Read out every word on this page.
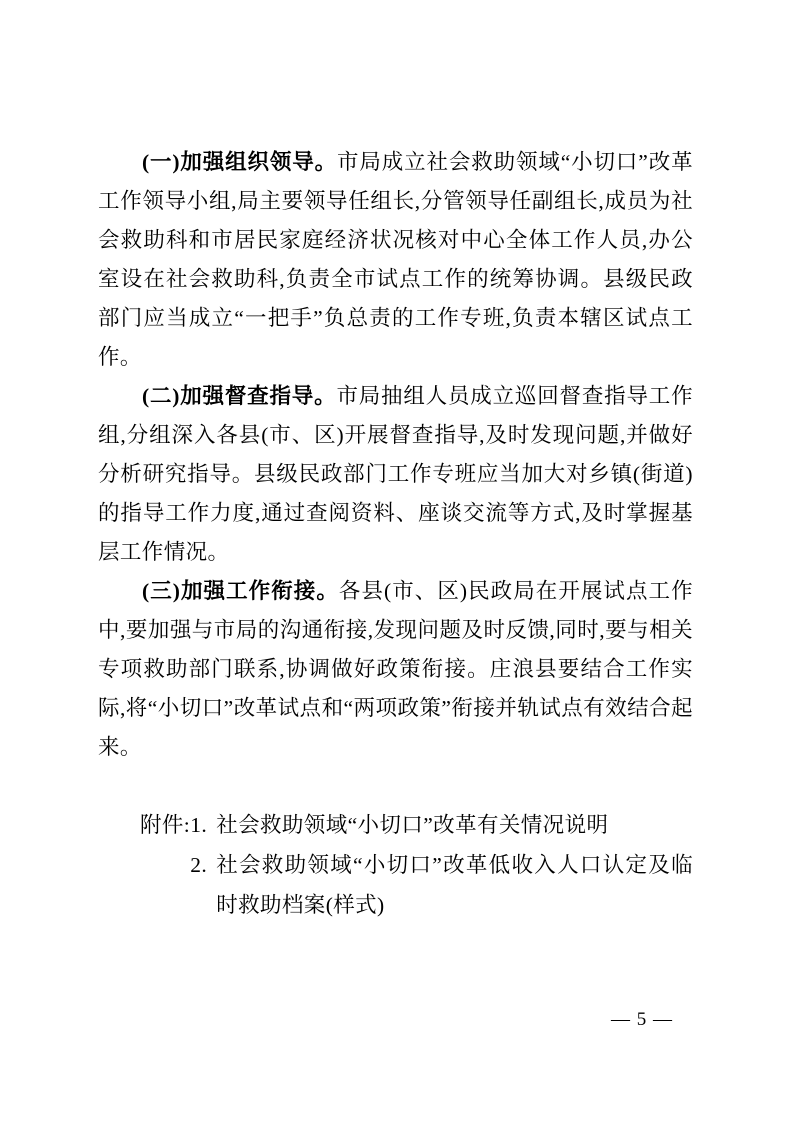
(一)加强组织领导。市局成立社会救助领域“小切口”改革工作领导小组,局主要领导任组长,分管领导任副组长,成员为社会救助科和市居民家庭经济状况核对中心全体工作人员,办公室设在社会救助科,负责全市试点工作的统筹协调。县级民政部门应当成立“一把手”负总责的工作专班,负责本辖区试点工作。

(二)加强督查指导。市局抽组人员成立巡回督查指导工作组,分组深入各县(市、区)开展督查指导,及时发现问题,并做好分析研究指导。县级民政部门工作专班应当加大对乡镇(街道)的指导工作力度,通过查阅资料、座谈交流等方式,及时掌握基层工作情况。

(三)加强工作衔接。各县(市、区)民政局在开展试点工作中,要加强与市局的沟通衔接,发现问题及时反馈,同时,要与相关专项救助部门联系,协调做好政策衔接。庄浪县要结合工作实际,将“小切口”改革试点和“两项政策”衔接并轨试点有效结合起来。

附件: 1. 社会救助领域“小切口”改革有关情况说明
2. 社会救助领域“小切口”改革低收入人口认定及临时救助档案(样式)
— 5 —
